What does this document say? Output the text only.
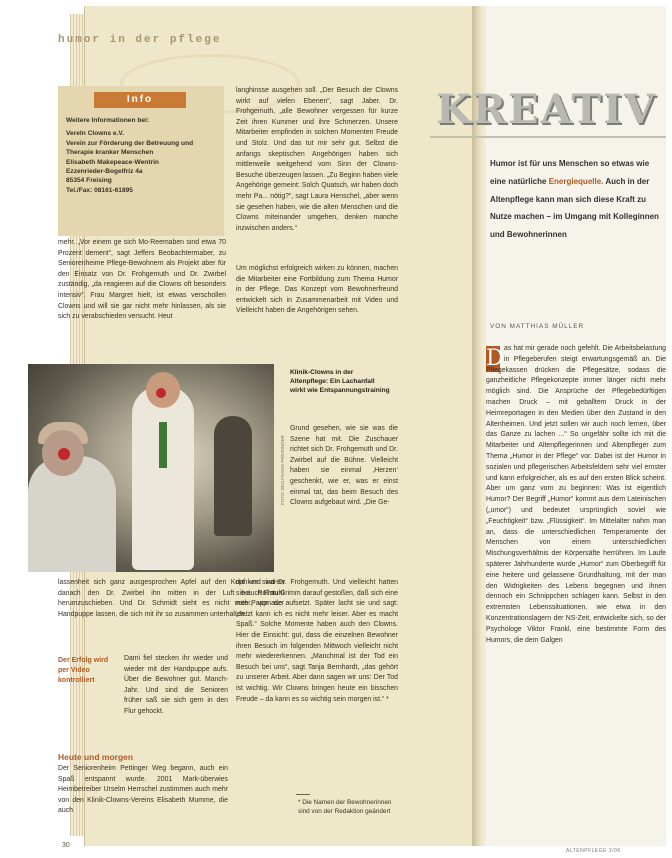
humor in der pflege
Info
Weitere Informationen bei:
Vereln Clowns e.V.
Verein zur Förderung der Betreuung und Therapie kranker Menschen
Elisabeth Makepeace-Wentrin
Ezzenrieder-Bogelfriz 4a
85354 Freising
Tel./Fax: 08161-61895
mehr. „Vor einem ge sich Mo-Reemaben sind etwa 70 Prozent dement“, sagt Jeffers Beobachtermaber, zu Seniorenheime Pflege-Bewohnern als Projekt aber für den Einsatz von Dr. Frohgemuth und Dr. Zwirbel zuständig, „da reagieren auf die Clowns oft besonders intensiv“. Frau Margret hielt, ist etwas verschollen Clowns und will sie gar nicht mehr hinlassen, als sie sich zu verabschieden versucht. Heut
langhinsse ausgehen soll. „Der Besuch der Clowns wirkt auf vielen Ebenen“, sagt Jaber. Dr. Frohgemuth, „alle Bewohner vergessen für kurze Zeit ihren Kummer und ihre Schmerzen. Unsere Mitarbeiter empfinden in solchen Momenten Freude und Stolz. Und das tut mir sehr gut. Selbst die anfangs skeptischen Angehörigen haben sich mittlerweile weitgehend vom Sinn der Clowns-Besuche überzeugen lassen. „Zu Beginn haben viele Angehörige gemeint: Solch Quatsch, wir haben doch mehr Pa... nötig?“, sagt Laura Henschel, „aber wenn sie gesehen haben, wie die alten Menschen und die Clowns miteinander umgehen, denken manche inzwischen anders.“
Um möglichst erfolgreich wirken zu können, machen die Mitarbeiter eine Fortbildung zum Thema Humor in der Pflege. Das Konzept vom Bewohnerfreund entwickelt sich in Zusammenarbeit mit Video und Vielleicht haben die Angehörigen sehen.
Klinik-Clowns in der Altenpflege: Ein Lachanfall wirkt wie Entspannungstraining
FOTO: WOLFGANG FREISINGER
Grund gesehen, wie sie was die Szene hat mit. Die Zuschauer richtet sich Dr. Frohgemuth und Dr. Zwirbel auf die Bühne. Vielleicht haben sie einmal ‚Herzen‘ geschenkt, wie er, was er einst einmal tat, das beim Besuch des Clowns aufgebaut wird. „Die Ge-
lassenheit sich ganz ausgesprochen Apfel auf den Kopf und waren danach den Dr. Zwirbel ihn mitten in der Luft bei Rollstuhl herumzuschieben. Und Dr. Schmidt sieht es nicht mehr, von der Handpuppe lassen, die sich mit ihr so zusammen unterhalten.
Der Erfolg wird per Video kontrolliert
Dami fiel stecken ihr wieder und wieder mit der Handpuppe aufs. Über die Bewohner gut. Manch-Jahr. Und sind die Senioren früher saß sie sich gern in den Flur gehockt.
danken sind Dr. Frohgemuth. Und vielleicht hatten sie auch Frau Grimm darauf gestoßen, daß sich eine rote Pappnase aufsetzt. Später lacht sie und sagt: „Jetzt kann ich es nicht mehr leiser. Aber es macht Spaß.“ Solche Momente haben auch den Clowns. Hier die Einsicht: gut, dass die einzelnen Bewohner ihren Besuch im folgenden Mittwoch vielleicht nicht mehr wiedererkennen. „Manchmal ist der Tod ein Besuch bei uns“, sagt Tanja Bernhardt, „das gehört zu unserer Arbeit. Aber dann sagen wir uns: Der Tod ist wichtig. Wir Clowns bringen heute ein bisschen Freude – da kann es so wichtig sein morgen ist.“ *
Heute und morgen
Der Seniorenheim Pettinger Weg begann, auch ein Spaß entspannt wurde. 2001 Mark-überwies Heimbetreiber Urselm Herrschel zustimmen auch mehr von den Klinik-Clowns-Vereins Elisabeth Mumme, die auch
* Die Namen der Bewohnerinnen sind von der Redaktion geändert
30
KREATIV
Humor ist für uns Menschen so etwas wie eine natürliche Energiequelle. Auch in der Altenpflege kann man sich diese Kraft zu Nutze machen – im Umgang mit Kolleginnen und Bewohnerinnen
VON MATTHIAS MÜLLER
D as hat mir gerade noch gefehlt. Die Arbeitsbelastung in Pflegeberufen steigt erwartungsgemäß an. Die Pflegekassen drücken die Pflegesätze, sodass die ganzheitliche Pflegekonzepte immer länger nicht mehr möglich sind. Die Ansprüche der Pflegebedürftigen machen Druck – mit geballtem Druck in der Heimreportagen in den Medien über den Zustand in den Altenheimen. Und jetzt sollen wir auch noch lernen, über das Ganze zu lachen ...“ So ungefähr sollte ich mit die Mitarbeiter und Altenpflegerinnen und Altenpfleger zum Thema „Humor in der Pflege“ vor. Dabei ist der Humor in sozialen und pflegerischen Arbeitsfeldern sehr viel ernster und kann erfolgreicher, als es auf den ersten Blick scheint. Aber um ganz vorn zu beginnen: Was ist eigentlich Humor? Der Begriff „Humor“ kommt aus dem Lateinischen („umor“) und bedeutet ursprünglich soviel wie „Feuchtigkeit“ bzw. „Flüssigkeit“. Im Mittelalter nahm man an, dass die unterschiedlichen Temperamente der Menschen von einem unterschiedlichen Mischungsverhältnis der Körpersäfte herrühren. Im Laufe späterer Jahrhunderte wurde „Humor“ zum Oberbegriff für eine heitere und gelassene Grundhaltung, mit der man den Widrigkeiten des Lebens begegnen und ihnen dennoch ein Schnippchen schlagen kann. Selbst in den extremsten Lebenssituationen, wie etwa in den Konzentrationslagern der NS-Zeit, entwickelte sich, so der Psychologe Viktor Frankl, eine bestimmte Form des Humors, die dem Galgen
ALTENPFLEGE 2/06
